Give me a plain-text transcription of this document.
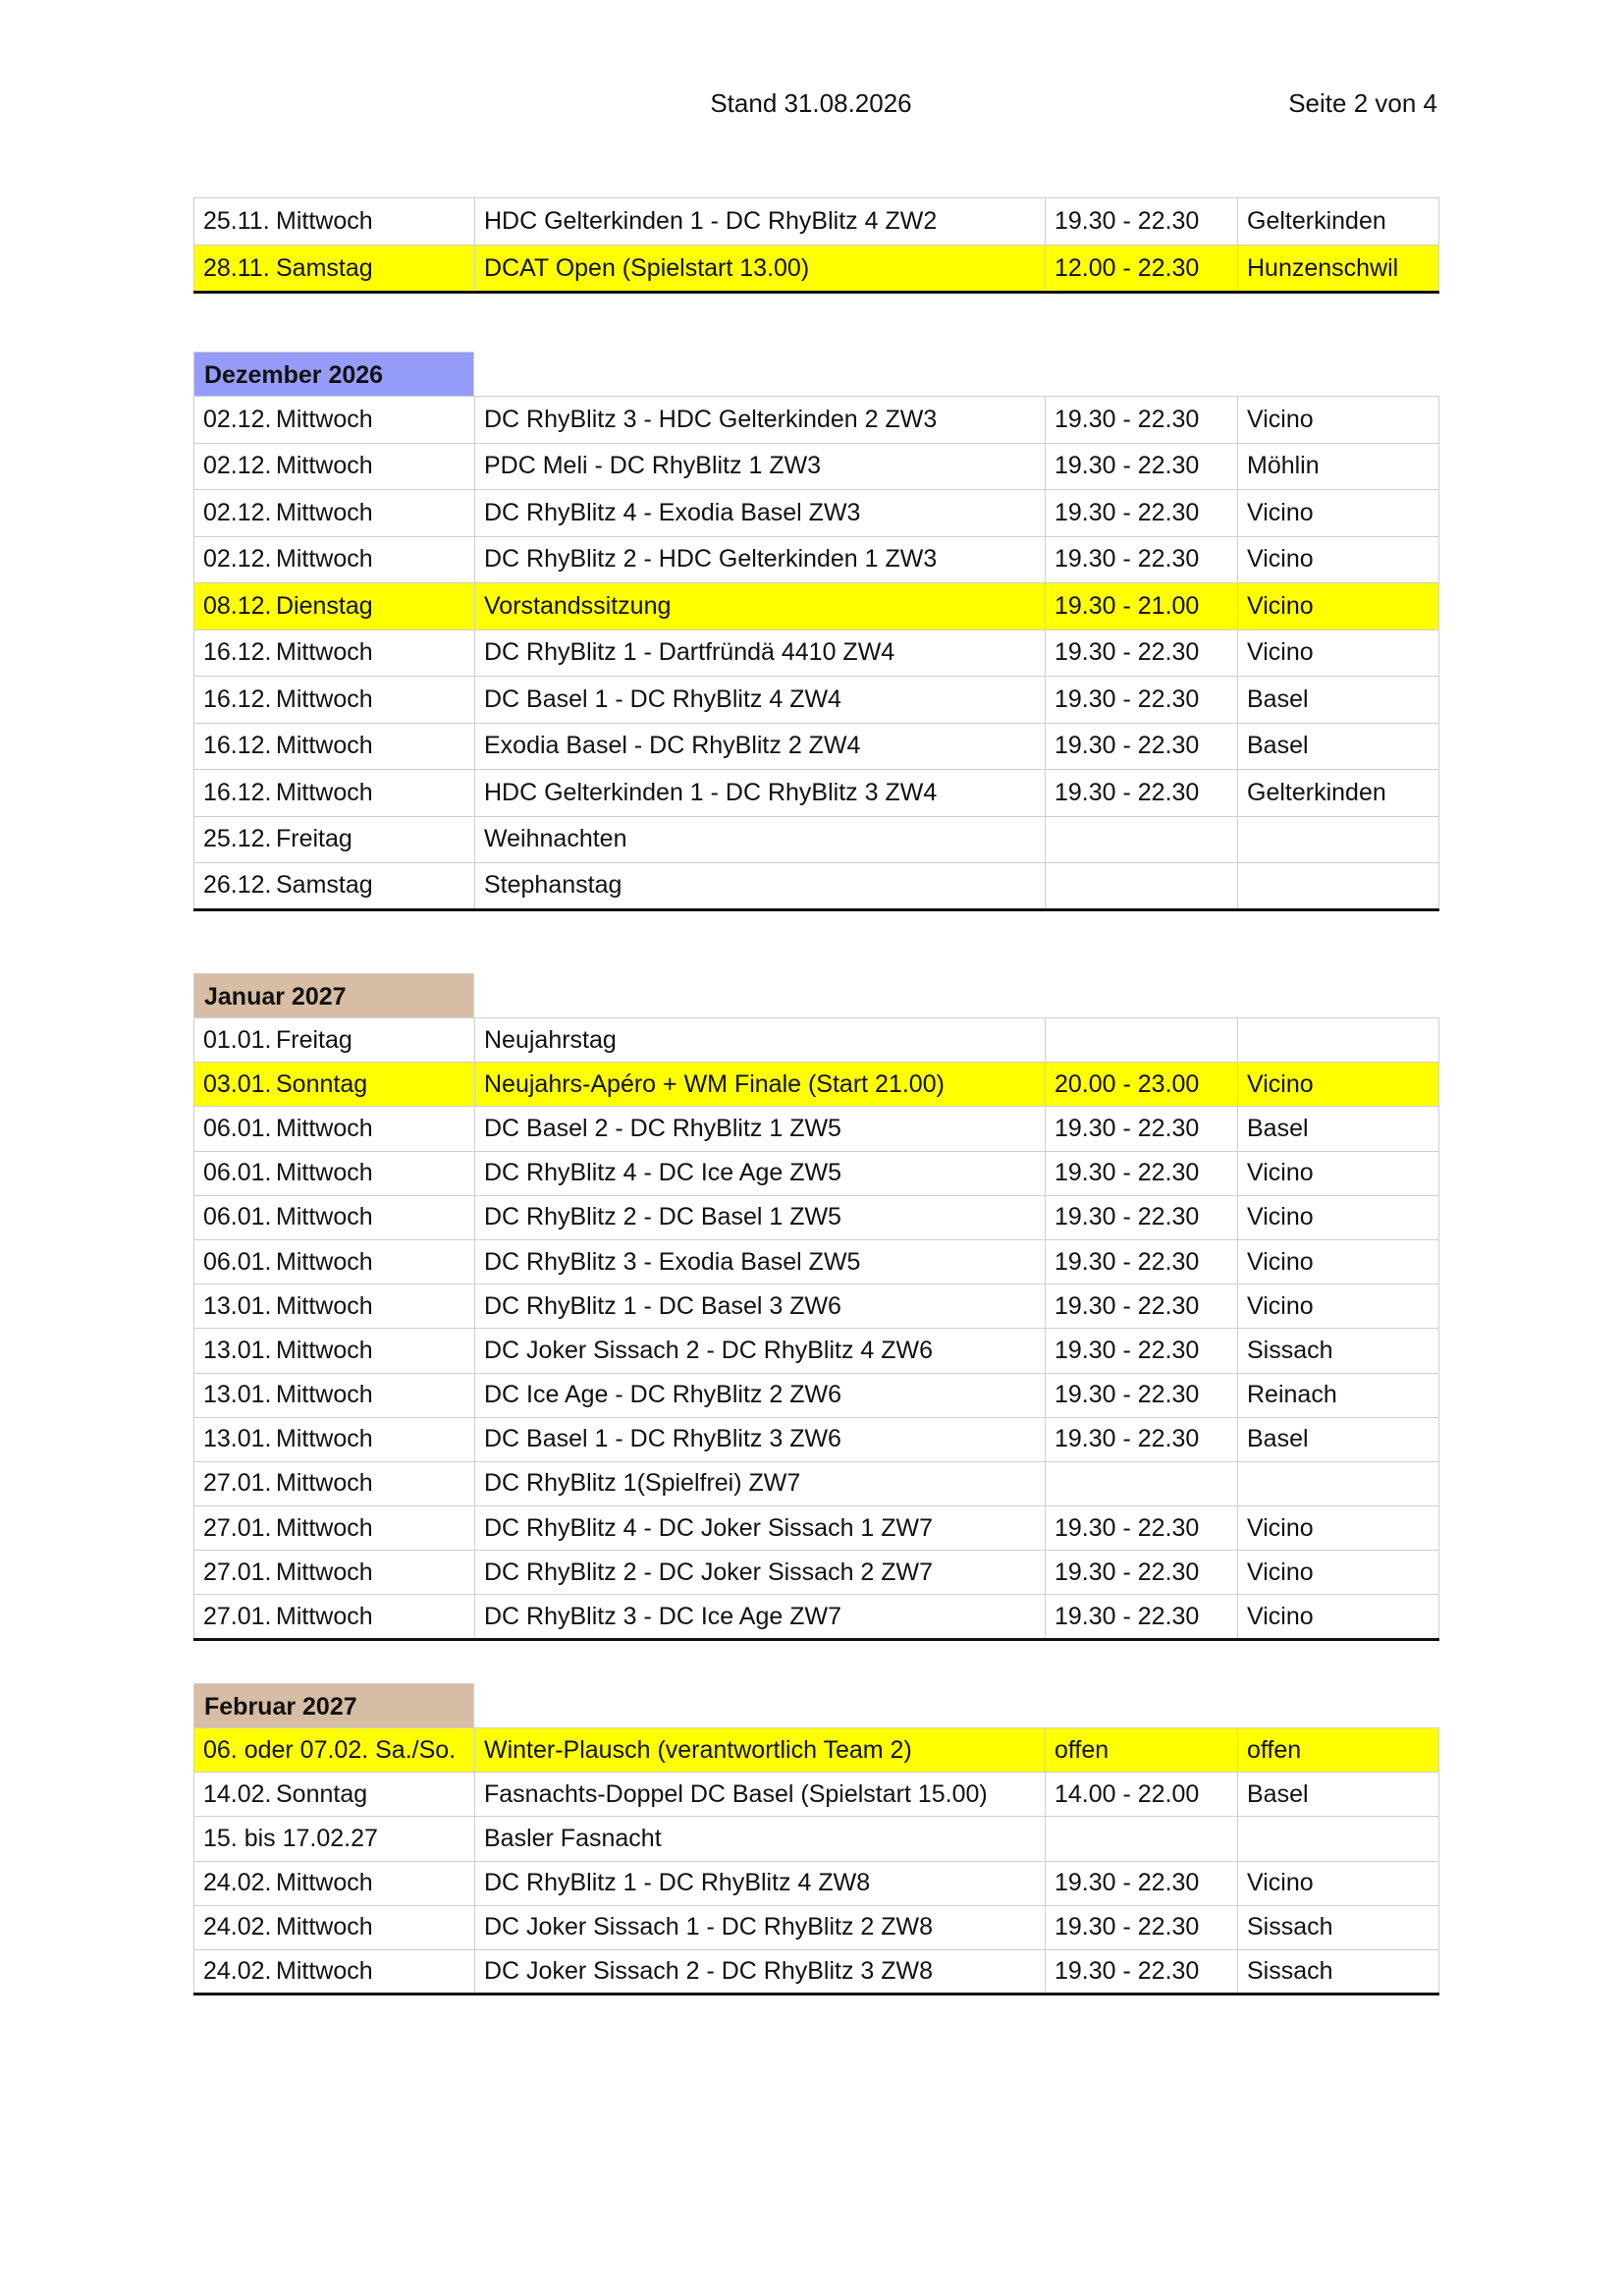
Stand 31.08.2026	Seite 2 von 4
25.11. Mittwoch	HDC Gelterkinden 1 - DC RhyBlitz 4 ZW2	19.30 - 22.30	Gelterkinden
28.11. Samstag	DCAT Open (Spielstart 13.00)	12.00 - 22.30	Hunzenschwil
Dezember 2026
02.12. Mittwoch	DC RhyBlitz 3 - HDC Gelterkinden 2 ZW3	19.30 - 22.30	Vicino
02.12. Mittwoch	PDC Meli - DC RhyBlitz 1 ZW3	19.30 - 22.30	Möhlin
02.12. Mittwoch	DC RhyBlitz 4 - Exodia Basel ZW3	19.30 - 22.30	Vicino
02.12. Mittwoch	DC RhyBlitz 2 - HDC Gelterkinden 1 ZW3	19.30 - 22.30	Vicino
08.12. Dienstag	Vorstandssitzung	19.30 - 21.00	Vicino
16.12. Mittwoch	DC RhyBlitz 1 - Dartfründä 4410 ZW4	19.30 - 22.30	Vicino
16.12. Mittwoch	DC Basel 1 - DC RhyBlitz 4 ZW4	19.30 - 22.30	Basel
16.12. Mittwoch	Exodia Basel - DC RhyBlitz 2 ZW4	19.30 - 22.30	Basel
16.12. Mittwoch	HDC Gelterkinden 1 - DC RhyBlitz 3 ZW4	19.30 - 22.30	Gelterkinden
25.12. Freitag	Weihnachten		
26.12. Samstag	Stephanstag		
Januar 2027
01.01. Freitag	Neujahrstag		
03.01. Sonntag	Neujahrs-Apéro + WM Finale (Start 21.00)	20.00 - 23.00	Vicino
06.01. Mittwoch	DC Basel 2 - DC RhyBlitz 1 ZW5	19.30 - 22.30	Basel
06.01. Mittwoch	DC RhyBlitz 4 - DC Ice Age ZW5	19.30 - 22.30	Vicino
06.01. Mittwoch	DC RhyBlitz 2 - DC Basel 1 ZW5	19.30 - 22.30	Vicino
06.01. Mittwoch	DC RhyBlitz 3 - Exodia Basel ZW5	19.30 - 22.30	Vicino
13.01. Mittwoch	DC RhyBlitz 1 - DC Basel 3 ZW6	19.30 - 22.30	Vicino
13.01. Mittwoch	DC Joker Sissach 2 - DC RhyBlitz 4 ZW6	19.30 - 22.30	Sissach
13.01. Mittwoch	DC Ice Age - DC RhyBlitz 2 ZW6	19.30 - 22.30	Reinach
13.01. Mittwoch	DC Basel 1 - DC RhyBlitz 3 ZW6	19.30 - 22.30	Basel
27.01. Mittwoch	DC RhyBlitz 1(Spielfrei) ZW7		
27.01. Mittwoch	DC RhyBlitz 4 - DC Joker Sissach 1 ZW7	19.30 - 22.30	Vicino
27.01. Mittwoch	DC RhyBlitz 2 - DC Joker Sissach 2 ZW7	19.30 - 22.30	Vicino
27.01. Mittwoch	DC RhyBlitz 3 - DC Ice Age ZW7	19.30 - 22.30	Vicino
Februar 2027
06. oder 07.02. Sa./So.	Winter-Plausch (verantwortlich Team 2)	offen	offen
14.02. Sonntag	Fasnachts-Doppel DC Basel (Spielstart 15.00)	14.00 - 22.00	Basel
15. bis 17.02.27	Basler Fasnacht		
24.02. Mittwoch	DC RhyBlitz 1 - DC RhyBlitz 4 ZW8	19.30 - 22.30	Vicino
24.02. Mittwoch	DC Joker Sissach 1 - DC RhyBlitz 2 ZW8	19.30 - 22.30	Sissach
24.02. Mittwoch	DC Joker Sissach 2 - DC RhyBlitz 3 ZW8	19.30 - 22.30	Sissach
